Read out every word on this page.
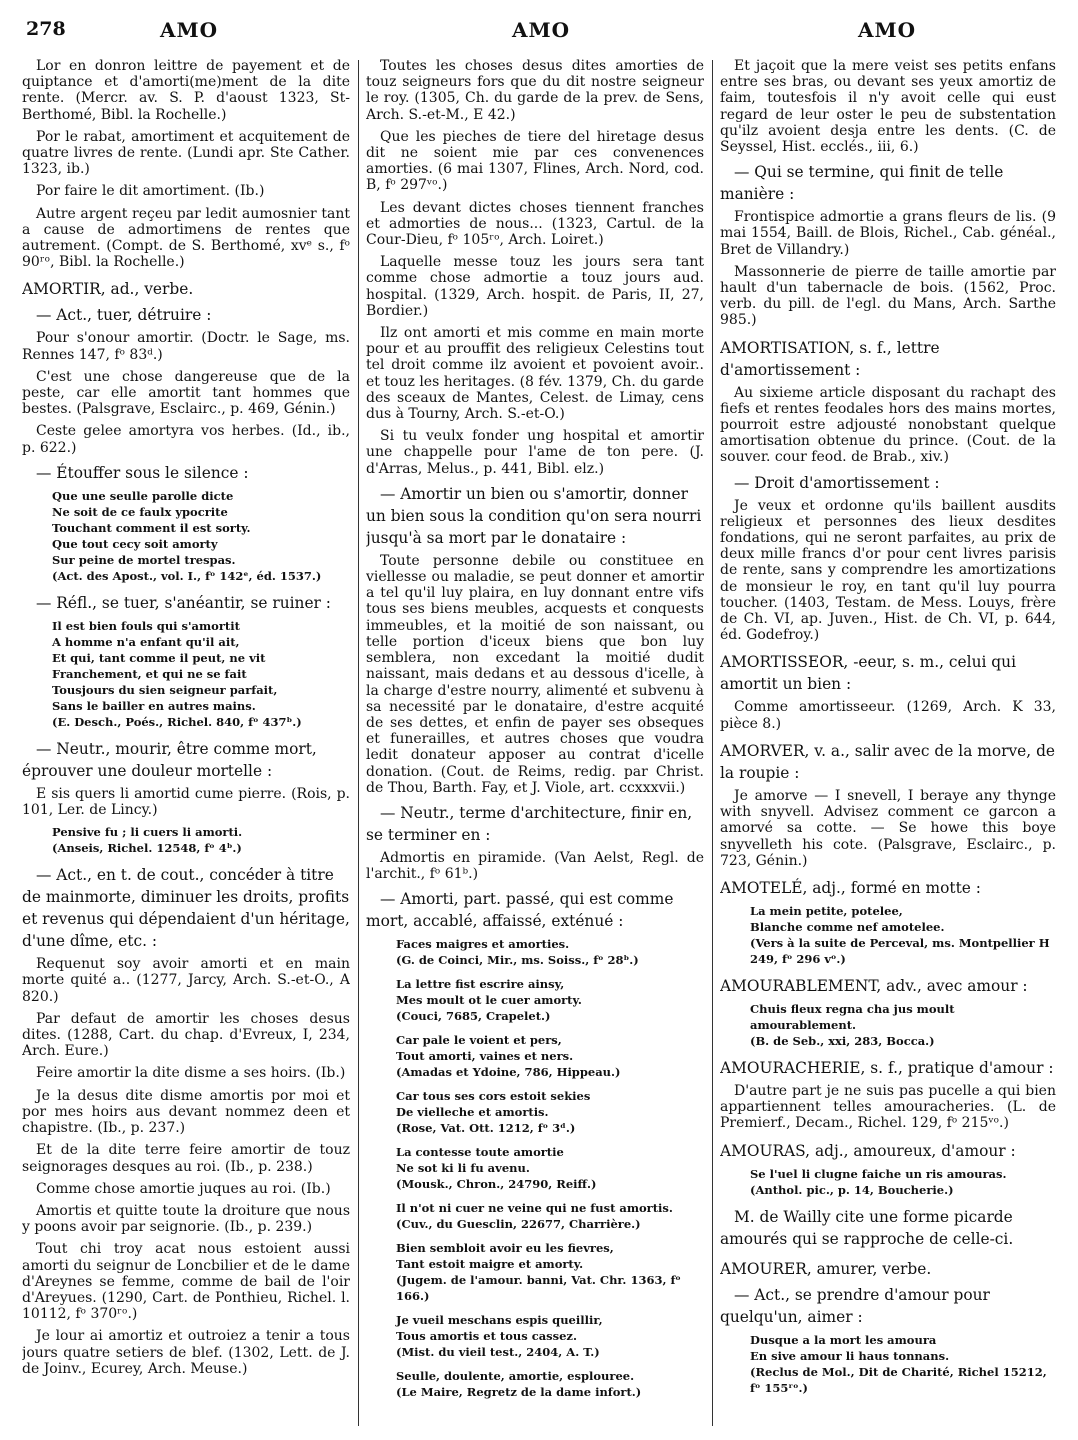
278	AMO	AMO	AMO

Lor en donron leittre de payement et de quiptance et d'amorti(me)ment de la dite rente. (Mercr. av. S. P. d'aoust 1323, St-Berthomé, Bibl. la Rochelle.)

Por le rabat, amortiment et acquitement de quatre livres de rente. (Lundi apr. Ste Cather. 1323, ib.)

Por faire le dit amortiment. (Ib.)

Autre argent reçeu par ledit aumosnier tant a cause de admortimens de rentes que autrement. (Compt. de S. Berthomé, xvᵉ s., fᵒ 90ʳᵒ, Bibl. la Rochelle.)

AMORTIR, ad., verbe.

— Act., tuer, détruire :

Pour s'onour amortir. (Doctr. le Sage, ms. Rennes 147, fᵒ 83ᵈ.)

C'est une chose dangereuse que de la peste, car elle amortit tant hommes que bestes. (Palsgrave, Esclairc., p. 469, Génin.)

Ceste gelee amortyra vos herbes. (Id., ib., p. 622.)

— Étouffer sous le silence :

Que une seulle parolle dicte
Ne soit de ce faulx ypocrite
Touchant comment il est sorty.
Que tout cecy soit amorty
Sur peine de mortel trespas.
(Act. des Apost., vol. I., fᵒ 142ᵉ, éd. 1537.)

— Réfl., se tuer, s'anéantir, se ruiner :

Il est bien fouls qui s'amortit
A homme n'a enfant qu'il ait,
Et qui, tant comme il peut, ne vit
Franchement, et qui ne se fait
Tousjours du sien seigneur parfait,
Sans le bailler en autres mains.
(E. Desch., Poés., Richel. 840, fᵒ 437ᵇ.)

— Neutr., mourir, être comme mort, éprouver une douleur mortelle :

E sis quers li amortid cume pierre. (Rois, p. 101, Ler. de Lincy.)

Pensive fu ; li cuers li amorti.
(Anseis, Richel. 12548, fᵒ 4ᵇ.)

— Act., en t. de cout., concéder à titre de mainmorte, diminuer les droits, profits et revenus qui dépendaient d'un héritage, d'une dîme, etc. :

Requenut soy avoir amorti et en main morte quité a.. (1277, Jarcy, Arch. S.-et-O., A 820.)

Par defaut de amortir les choses desus dites. (1288, Cart. du chap. d'Evreux, I, 234, Arch. Eure.)

Feire amortir la dite disme a ses hoirs. (Ib.)

Je la desus dite disme amortis por moi et por mes hoirs aus devant nommez deen et chapistre. (Ib., p. 237.)

Et de la dite terre feire amortir de touz seignorages desques au roi. (Ib., p. 238.)

Comme chose amortie juques au roi. (Ib.)

Amortis et quitte toute la droiture que nous y poons avoir par seignorie. (Ib., p. 239.)

Tout chi troy acat nous estoient aussi amorti du seignur de Loncbilier et de le dame d'Areynes se femme, comme de bail de l'oir d'Areyues. (1290, Cart. de Ponthieu, Richel. l. 10112, fᵒ 370ʳᵒ.)

Je lour ai amortiz et outroiez a tenir a tous jours quatre setiers de blef. (1302, Lett. de J. de Joinv., Ecurey, Arch. Meuse.)

Toutes les choses desus dites amorties de touz seigneurs fors que du dit nostre seigneur le roy. (1305, Ch. du garde de la prev. de Sens, Arch. S.-et-M., E 42.)

Que les pieches de tiere del hiretage desus dit ne soient mie par ces convenences amorties. (6 mai 1307, Flines, Arch. Nord, cod. B, fᵒ 297ᵛᵒ.)

Les devant dictes choses tiennent franches et admorties de nous... (1323, Cartul. de la Cour-Dieu, fᵒ 105ʳᵒ, Arch. Loiret.)

Laquelle messe touz les jours sera tant comme chose admortie a touz jours aud. hospital. (1329, Arch. hospit. de Paris, II, 27, Bordier.)

Ilz ont amorti et mis comme en main morte pour et au prouffit des religieux Celestins tout tel droit comme ilz avoient et povoient avoir.. et touz les heritages. (8 fév. 1379, Ch. du garde des sceaux de Mantes, Celest. de Limay, cens dus à Tourny, Arch. S.-et-O.)

Si tu veulx fonder ung hospital et amortir une chappelle pour l'ame de ton pere. (J. d'Arras, Melus., p. 441, Bibl. elz.)

— Amortir un bien ou s'amortir, donner un bien sous la condition qu'on sera nourri jusqu'à sa mort par le donataire :

Toute personne debile ou constituee en viellesse ou maladie, se peut donner et amortir a tel qu'il luy plaira, en luy donnant entre vifs tous ses biens meubles, acquests et conquests immeubles, et la moitié de son naissant, ou telle portion d'iceux biens que bon luy semblera, non excedant la moitié dudit naissant, mais dedans et au dessous d'icelle, à la charge d'estre nourry, alimenté et subvenu à sa necessité par le donataire, d'estre acquité de ses dettes, et enfin de payer ses obseques et funerailles, et autres choses que voudra ledit donateur apposer au contrat d'icelle donation. (Cout. de Reims, redig. par Christ. de Thou, Barth. Fay, et J. Viole, art. ccxxxvii.)

— Neutr., terme d'architecture, finir en, se terminer en :

Admortis en piramide. (Van Aelst, Regl. de l'archit., fᵒ 61ᵇ.)

— Amorti, part. passé, qui est comme mort, accablé, affaissé, exténué :

Faces maigres et amorties.
(G. de Coinci, Mir., ms. Soiss., fᵒ 28ᵇ.)

La lettre fist escrire ainsy,
Mes moult ot le cuer amorty.
(Couci, 7685, Crapelet.)

Car pale le voient et pers,
Tout amorti, vaines et ners.
(Amadas et Ydoine, 786, Hippeau.)

Car tous ses cors estoit sekies
De vielleche et amortis.
(Rose, Vat. Ott. 1212, fᵒ 3ᵈ.)

La contesse toute amortie
Ne sot ki li fu avenu.
(Mousk., Chron., 24790, Reiff.)

Il n'ot ni cuer ne veine qui ne fust amortis.
(Cuv., du Guesclin, 22677, Charrière.)

Bien sembloit avoir eu les fievres,
Tant estoit maigre et amorty.
(Jugem. de l'amour. banni, Vat. Chr. 1363, fᵒ 166.)

Je vueil meschans espis queillir,
Tous amortis et tous cassez.
(Mist. du vieil test., 2404, A. T.)

Seulle, doulente, amortie, esplouree.
(Le Maire, Regretz de la dame infort.)

Et jaçoit que la mere veist ses petits enfans entre ses bras, ou devant ses yeux amortiz de faim, toutesfois il n'y avoit celle qui eust regard de leur oster le peu de substentation qu'ilz avoient desja entre les dents. (C. de Seyssel, Hist. ecclés., iii, 6.)

— Qui se termine, qui finit de telle manière :

Frontispice admortie a grans fleurs de lis. (9 mai 1554, Baill. de Blois, Richel., Cab. généal., Bret de Villandry.)

Massonnerie de pierre de taille amortie par hault d'un tabernacle de bois. (1562, Proc. verb. du pill. de l'egl. du Mans, Arch. Sarthe 985.)

AMORTISATION, s. f., lettre d'amortissement :

Au sixieme article disposant du rachapt des fiefs et rentes feodales hors des mains mortes, pourroit estre adjousté nonobstant quelque amortisation obtenue du prince. (Cout. de la souver. cour feod. de Brab., xiv.)

— Droit d'amortissement :

Je veux et ordonne qu'ils baillent ausdits religieux et personnes des lieux desdites fondations, qui ne seront parfaites, au prix de deux mille francs d'or pour cent livres parisis de rente, sans y comprendre les amortizations de monsieur le roy, en tant qu'il luy pourra toucher. (1403, Testam. de Mess. Louys, frère de Ch. VI, ap. Juven., Hist. de Ch. VI, p. 644, éd. Godefroy.)

AMORTISSEOR, -eeur, s. m., celui qui amortit un bien :

Comme amortisseeur. (1269, Arch. K 33, pièce 8.)

AMORVER, v. a., salir avec de la morve, de la roupie :

Je amorve — I snevell, I beraye any thynge with snyvell. Advisez comment ce garcon a amorvé sa cotte. — Se howe this boye snyvelleth his cote. (Palsgrave, Esclairc., p. 723, Génin.)

AMOTELÉ, adj., formé en motte :

La mein petite, potelee,
Blanche comme nef amotelee.
(Vers à la suite de Perceval, ms. Montpellier H 249, fᵒ 296 vᵒ.)

AMOURABLEMENT, adv., avec amour :

Chuis fleux regna cha jus moult amourablement.
(B. de Seb., xxi, 283, Bocca.)

AMOURACHERIE, s. f., pratique d'amour :

D'autre part je ne suis pas pucelle a qui bien appartiennent telles amouracheries. (L. de Premierf., Decam., Richel. 129, fᵒ 215ᵛᵒ.)

AMOURAS, adj., amoureux, d'amour :

Se l'uel li clugne faiche un ris amouras.
(Anthol. pic., p. 14, Boucherie.)

M. de Wailly cite une forme picarde amourés qui se rapproche de celle-ci.

AMOURER, amurer, verbe.

— Act., se prendre d'amour pour quelqu'un, aimer :

Dusque a la mort les amoura
En sive amour li haus tonnans.
(Reclus de Mol., Dit de Charité, Richel 15212, fᵒ 155ʳᵒ.)
